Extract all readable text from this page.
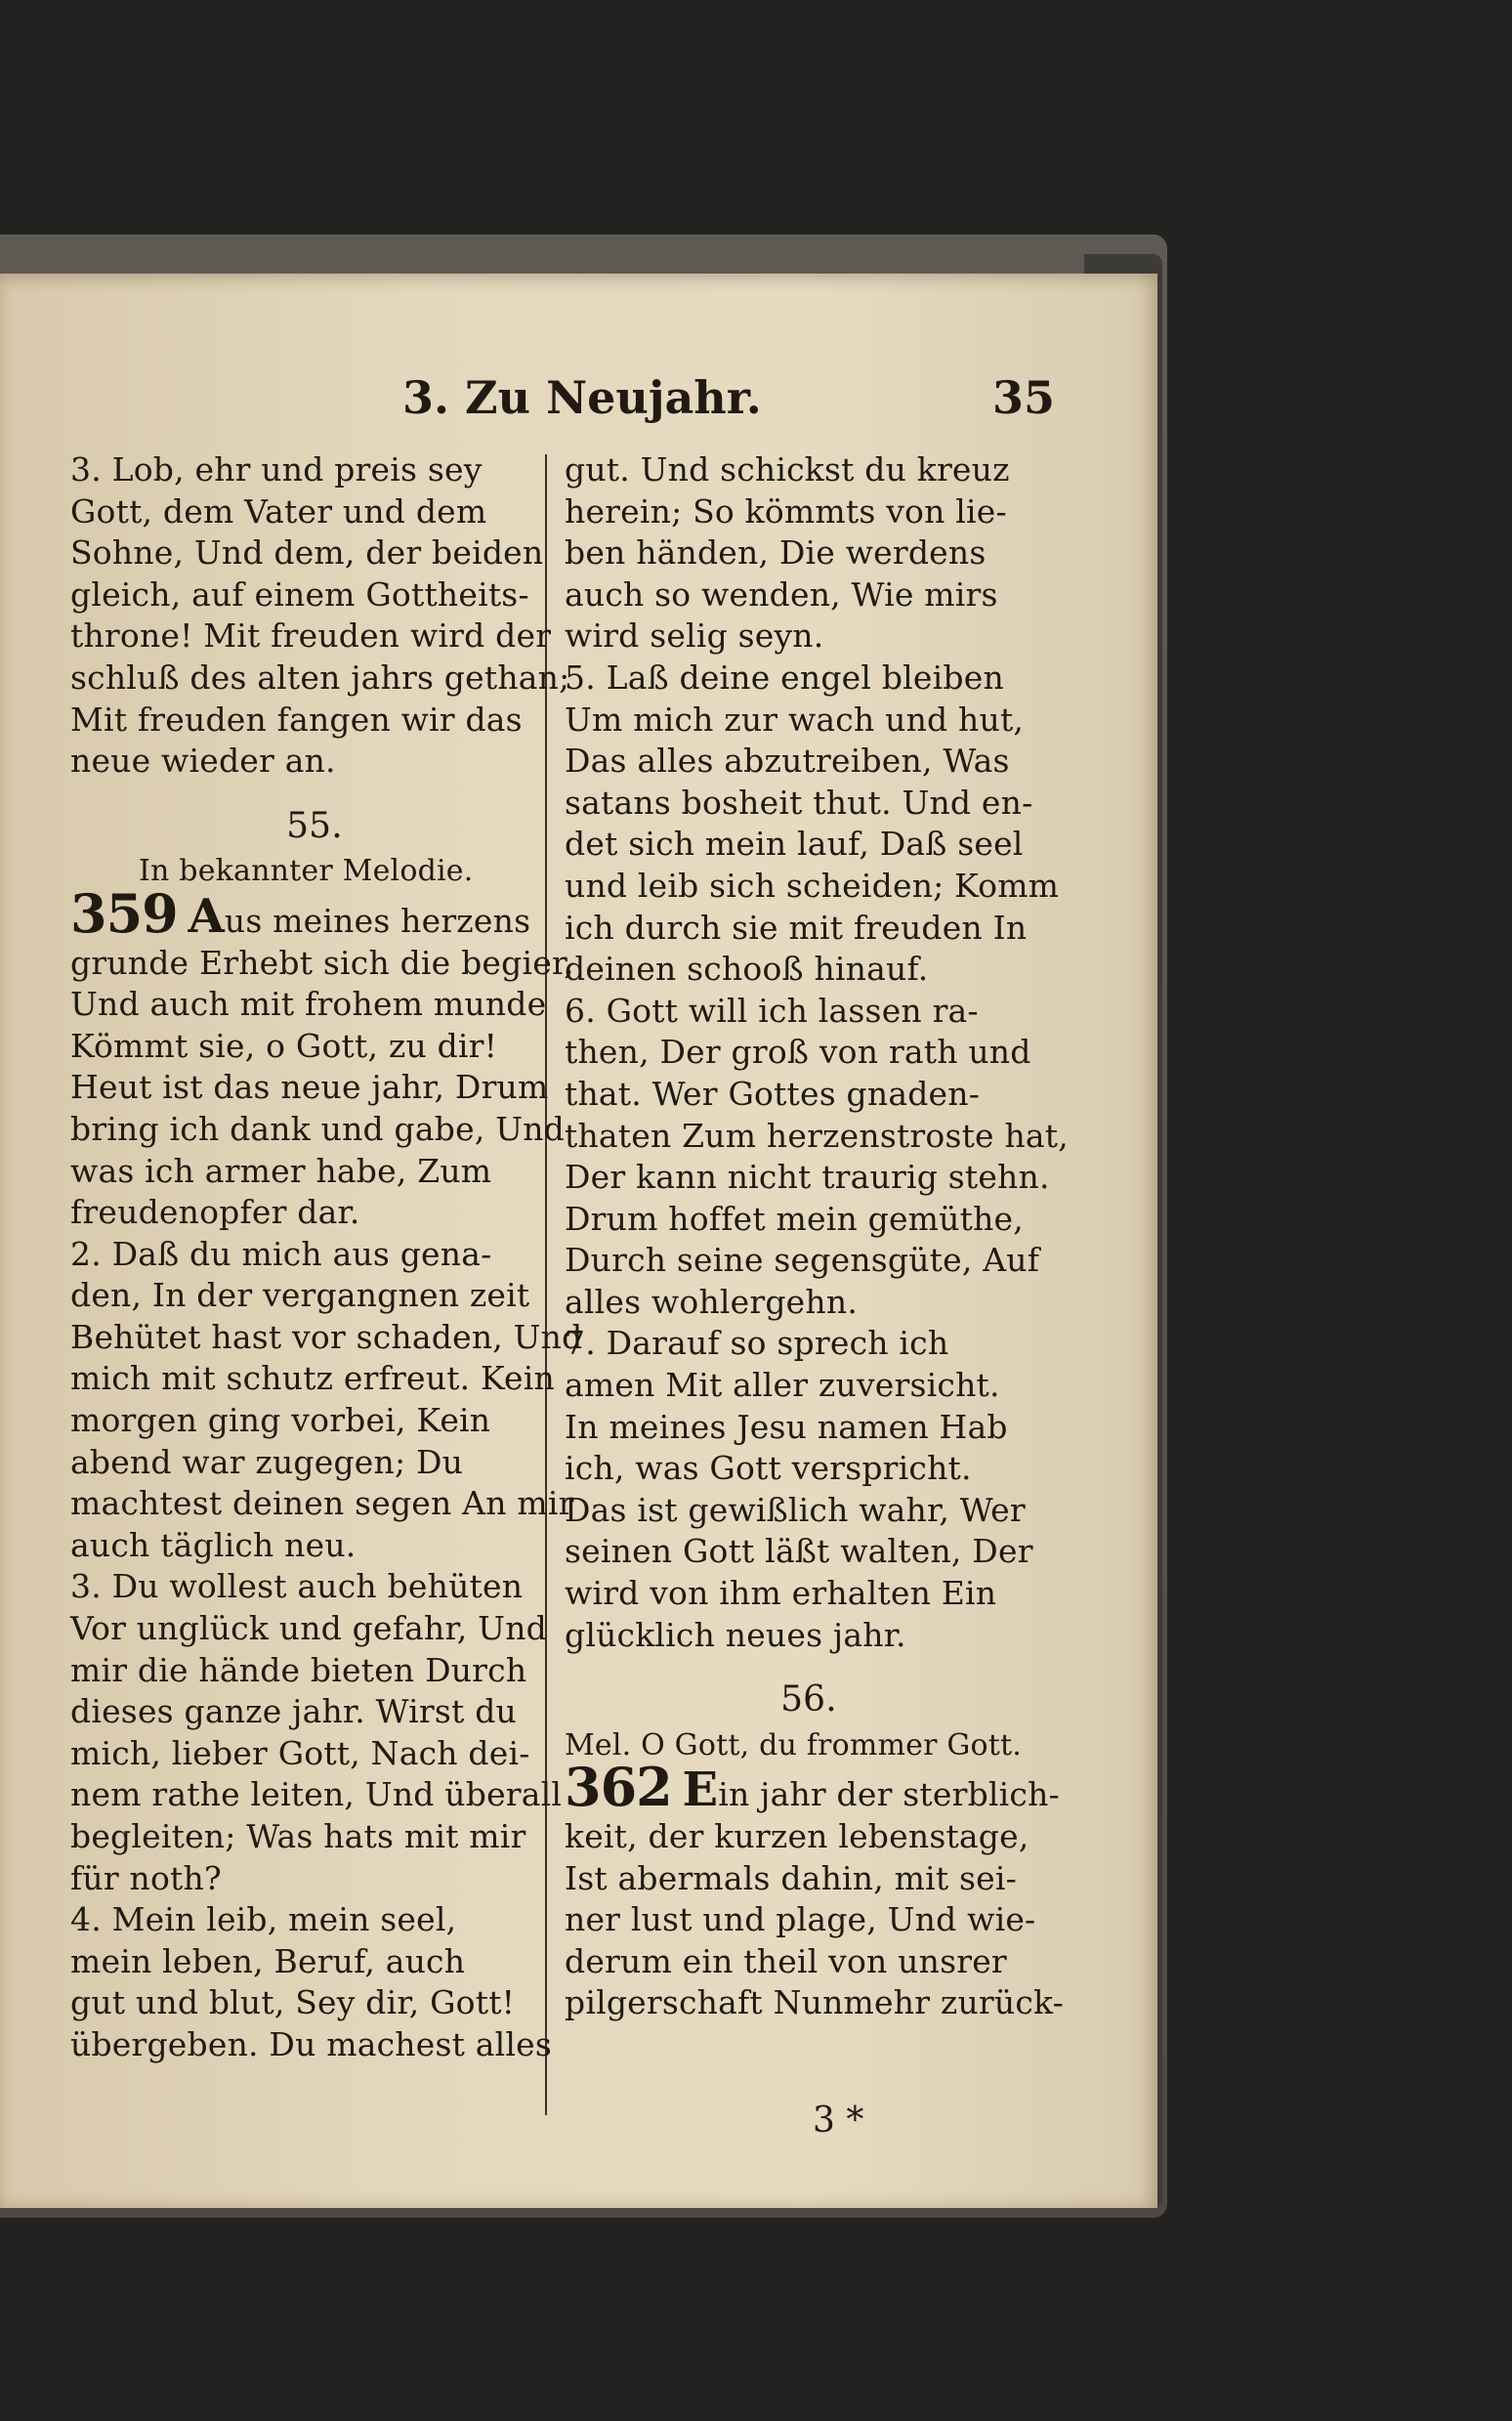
3. Zu Neujahr.	35

3. Lob, ehr und preis sey

Gott, dem Vater und dem

Sohne, Und dem, der beiden

gleich, auf einem Gottheits-

throne! Mit freuden wird der

schluß des alten jahrs gethan;

Mit freuden fangen wir das

neue wieder an.

55.

In bekannter Melodie.

359 Aus meines herzens

grunde Erhebt sich die begier,

Und auch mit frohem munde

Kömmt sie, o Gott, zu dir!

Heut ist das neue jahr, Drum

bring ich dank und gabe, Und

was ich armer habe, Zum

freudenopfer dar.

2. Daß du mich aus gena-

den, In der vergangnen zeit

Behütet hast vor schaden, Und

mich mit schutz erfreut. Kein

morgen ging vorbei, Kein

abend war zugegen; Du

machtest deinen segen An mir

auch täglich neu.

3. Du wollest auch behüten

Vor unglück und gefahr, Und

mir die hände bieten Durch

dieses ganze jahr. Wirst du

mich, lieber Gott, Nach dei-

nem rathe leiten, Und überall

begleiten; Was hats mit mir

für noth?

4. Mein leib, mein seel,

mein leben, Beruf, auch

gut und blut, Sey dir, Gott!

übergeben. Du machest alles

gut. Und schickst du kreuz

herein; So kömmts von lie-

ben händen, Die werdens

auch so wenden, Wie mirs

wird selig seyn.

5. Laß deine engel bleiben

Um mich zur wach und hut,

Das alles abzutreiben, Was

satans bosheit thut. Und en-

det sich mein lauf, Daß seel

und leib sich scheiden; Komm

ich durch sie mit freuden In

deinen schooß hinauf.

6. Gott will ich lassen ra-

then, Der groß von rath und

that. Wer Gottes gnaden-

thaten Zum herzenstroste hat,

Der kann nicht traurig stehn.

Drum hoffet mein gemüthe,

Durch seine segensgüte, Auf

alles wohlergehn.

7. Darauf so sprech ich

amen Mit aller zuversicht.

In meines Jesu namen Hab

ich, was Gott verspricht.

Das ist gewißlich wahr, Wer

seinen Gott läßt walten, Der

wird von ihm erhalten Ein

glücklich neues jahr.

56.

Mel. O Gott, du frommer Gott.

362 Ein jahr der sterblich-

keit, der kurzen lebenstage,

Ist abermals dahin, mit sei-

ner lust und plage, Und wie-

derum ein theil von unsrer

pilgerschaft Nunmehr zurück-

3 *
